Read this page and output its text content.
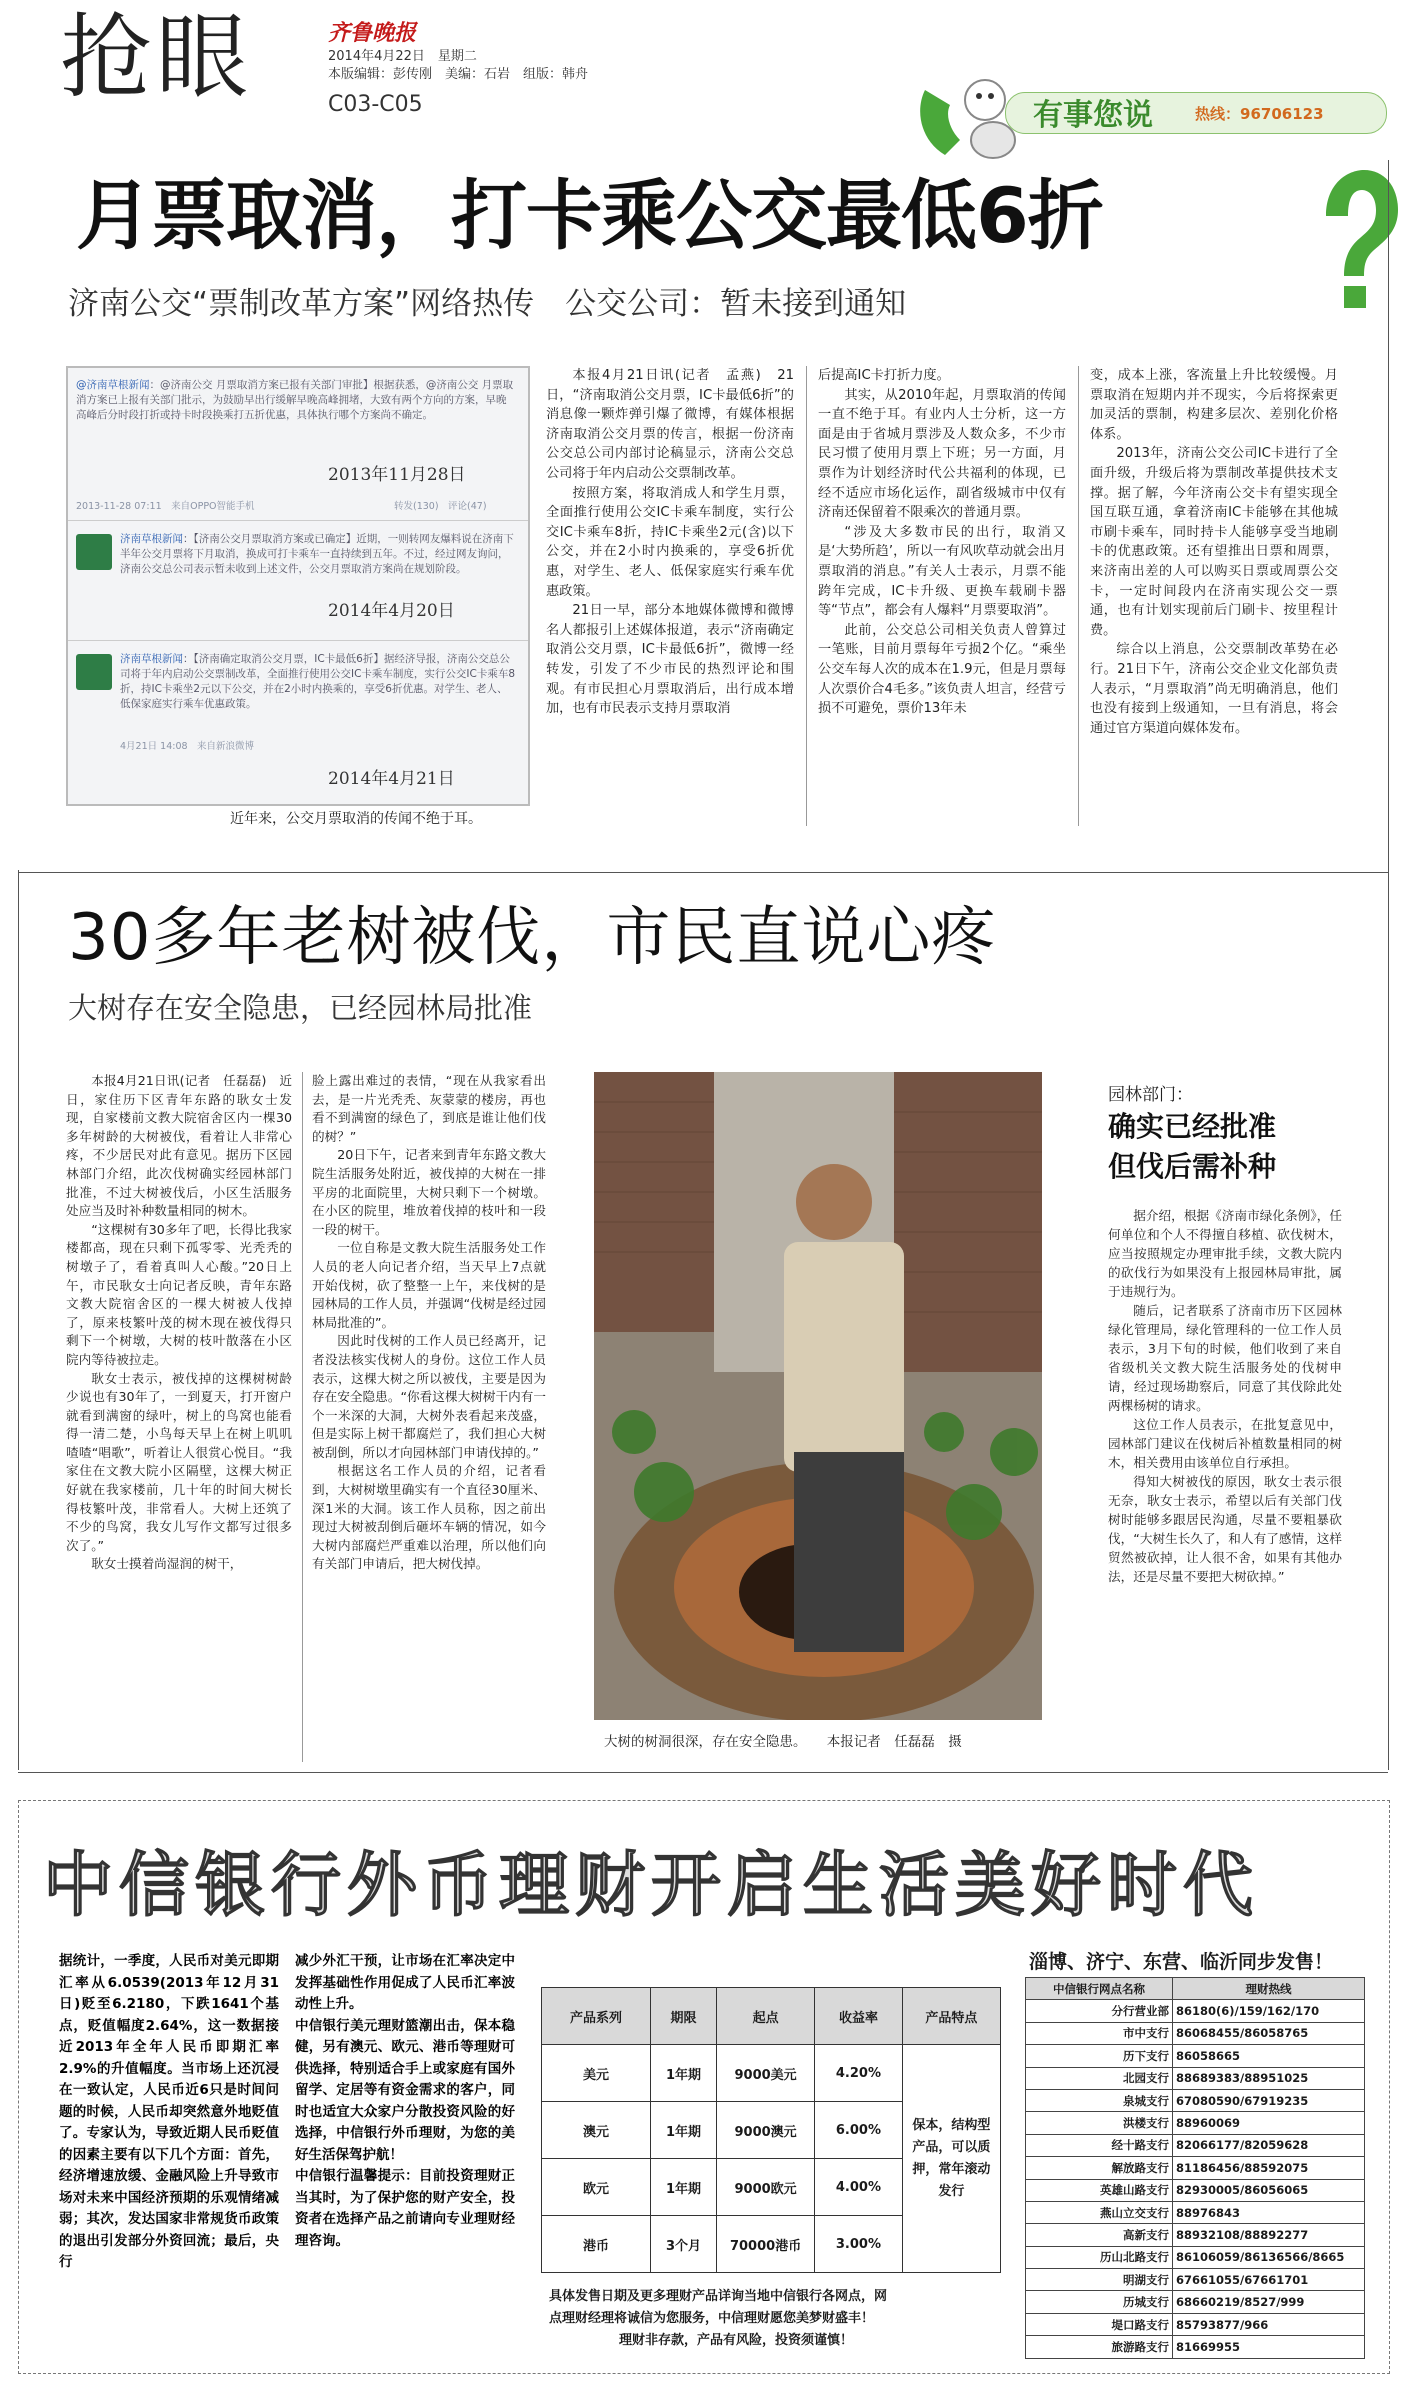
抢眼	齐鲁晚报
2014年4月22日　星期二
本版编辑：彭传刚　美编：石岩　组版：韩舟
C03-C05	有事您说	热线：96706123
月票取消，打卡乘公交最低6折
济南公交“票制改革方案”网络热传　公交公司：暂未接到通知
@济南草根新闻：@济南公交 月票取消方案已报有关部门审批】根据获悉，@济南公交 月票取消方案已上报有关部门批示，为鼓励早出行缓解早晚高峰拥堵，大致有两个方向的方案，早晚高峰后分时段打折或持卡时段换乘打五折优惠，具体执行哪个方案尚不确定。
2013年11月28日
2013-11-28 07:11　来自OPPO智能手机	转发(130)　评论(47)
济南草根新闻：【济南公交月票取消方案或已确定】近期，一则转网友爆料说在济南下半年公交月票将下月取消，换成可打卡乘车一直持续到五年。不过，经过网友询问，济南公交总公司表示暂未收到上述文件，公交月票取消方案尚在规划阶段。
2014年4月20日
济南草根新闻：【济南确定取消公交月票，IC卡最低6折】据经济导报，济南公交总公司将于年内启动公交票制改革，全面推行使用公交IC卡乘车制度，实行公交IC卡乘车8折，持IC卡乘坐2元以下公交，并在2小时内换乘的，享受6折优惠。对学生、老人、低保家庭实行乘车优惠政策。
4月21日 14:08　来自新浪微博
2014年4月21日
近年来，公交月票取消的传闻不绝于耳。

本报4月21日讯(记者　孟燕)　21日，“济南取消公交月票，IC卡最低6折”的消息像一颗炸弹引爆了微博，有媒体根据济南取消公交月票的传言，根据一份济南公交总公司内部讨论稿显示，济南公交总公司将于年内启动公交票制改革。

按照方案，将取消成人和学生月票，全面推行使用公交IC卡乘车制度，实行公交IC卡乘车8折，持IC卡乘坐2元(含)以下公交，并在2小时内换乘的，享受6折优惠，对学生、老人、低保家庭实行乘车优惠政策。

21日一早，部分本地媒体微博和微博名人都报引上述媒体报道，表示“济南确定取消公交月票，IC卡最低6折”，微博一经转发，引发了不少市民的热烈评论和围观。有市民担心月票取消后，出行成本增加，也有市民表示支持月票取消

后提高IC卡打折力度。

其实，从2010年起，月票取消的传闻一直不绝于耳。有业内人士分析，这一方面是由于省城月票涉及人数众多，不少市民习惯了使用月票上下班；另一方面，月票作为计划经济时代公共福利的体现，已经不适应市场化运作，副省级城市中仅有济南还保留着不限乘次的普通月票。

“涉及大多数市民的出行，取消又是‘大势所趋’，所以一有风吹草动就会出月票取消的消息。”有关人士表示，月票不能跨年完成，IC卡升级、更换车载刷卡器等“节点”，都会有人爆料“月票要取消”。

此前，公交总公司相关负责人曾算过一笔账，目前月票每年亏损2个亿。“乘坐公交车每人次的成本在1.9元，但是月票每人次票价合4毛多。”该负责人坦言，经营亏损不可避免，票价13年未

变，成本上涨，客流量上升比较缓慢。月票取消在短期内并不现实，今后将探索更加灵活的票制，构建多层次、差别化价格体系。

2013年，济南公交公司IC卡进行了全面升级，升级后将为票制改革提供技术支撑。据了解，今年济南公交卡有望实现全国互联互通，拿着济南IC卡能够在其他城市刷卡乘车，同时持卡人能够享受当地刷卡的优惠政策。还有望推出日票和周票，来济南出差的人可以购买日票或周票公交卡，一定时间段内在济南实现公交一票通，也有计划实现前后门刷卡、按里程计费。

综合以上消息，公交票制改革势在必行。21日下午，济南公交企业文化部负责人表示，“月票取消”尚无明确消息，他们也没有接到上级通知，一旦有消息，将会通过官方渠道向媒体发布。

30多年老树被伐，市民直说心疼
大树存在安全隐患，已经园林局批准

本报4月21日讯(记者　任磊磊)　近日，家住历下区青年东路的耿女士发现，自家楼前文教大院宿舍区内一棵30多年树龄的大树被伐，看着让人非常心疼，不少居民对此有意见。据历下区园林部门介绍，此次伐树确实经园林部门批准，不过大树被伐后，小区生活服务处应当及时补种数量相同的树木。

“这棵树有30多年了吧，长得比我家楼都高，现在只剩下孤零零、光秃秃的树墩子了，看着真叫人心酸。”20日上午，市民耿女士向记者反映，青年东路文教大院宿舍区的一棵大树被人伐掉了，原来枝繁叶茂的树木现在被伐得只剩下一个树墩，大树的枝叶散落在小区院内等待被拉走。

耿女士表示，被伐掉的这棵树树龄少说也有30年了，一到夏天，打开窗户就看到满窗的绿叶，树上的鸟窝也能看得一清二楚，小鸟每天早上在树上叽叽喳喳“唱歌”，听着让人很赏心悦目。“我家住在文教大院小区隔壁，这棵大树正好就在我家楼前，几十年的时间大树长得枝繁叶茂，非常看人。大树上还筑了不少的鸟窝，我女儿写作文都写过很多次了。”

耿女士摸着尚湿润的树干，

脸上露出难过的表情，“现在从我家看出去，是一片光秃秃、灰蒙蒙的楼房，再也看不到满窗的绿色了，到底是谁让他们伐的树？”

20日下午，记者来到青年东路文教大院生活服务处附近，被伐掉的大树在一排平房的北面院里，大树只剩下一个树墩。在小区的院里，堆放着伐掉的枝叶和一段一段的树干。

一位自称是文教大院生活服务处工作人员的老人向记者介绍，当天早上7点就开始伐树，砍了整整一上午，来伐树的是园林局的工作人员，并强调“伐树是经过园林局批准的”。

因此时伐树的工作人员已经离开，记者没法核实伐树人的身份。这位工作人员表示，这棵大树之所以被伐，主要是因为存在安全隐患。“你看这棵大树树干内有一个一米深的大洞，大树外表看起来茂盛，但是实际上树干都腐烂了，我们担心大树被刮倒，所以才向园林部门申请伐掉的。”

根据这名工作人员的介绍，记者看到，大树树墩里确实有一个直径30厘米、深1米的大洞。该工作人员称，因之前出现过大树被刮倒后砸坏车辆的情况，如今大树内部腐烂严重难以治理，所以他们向有关部门申请后，把大树伐掉。

大树的树洞很深，存在安全隐患。　　本报记者　任磊磊　摄
园林部门：
确实已经批准
但伐后需补种

据介绍，根据《济南市绿化条例》，任何单位和个人不得擅自移植、砍伐树木，应当按照规定办理审批手续，文教大院内的砍伐行为如果没有上报园林局审批，属于违规行为。

随后，记者联系了济南市历下区园林绿化管理局，绿化管理科的一位工作人员表示，3月下旬的时候，他们收到了来自省级机关文教大院生活服务处的伐树申请，经过现场勘察后，同意了其伐除此处两棵杨树的请求。

这位工作人员表示，在批复意见中，园林部门建议在伐树后补植数量相同的树木，相关费用由该单位自行承担。

得知大树被伐的原因，耿女士表示很无奈，耿女士表示，希望以后有关部门伐树时能够多跟居民沟通，尽量不要粗暴砍伐，“大树生长久了，和人有了感情，这样贸然被砍掉，让人很不舍，如果有其他办法，还是尽量不要把大树砍掉。”

中信银行外币理财开启生活美好时代
据统计，一季度，人民币对美元即期汇率从6.0539(2013年12月31日)贬至6.2180，下跌1641个基点，贬值幅度2.64%，这一数据接近2013年全年人民币即期汇率2.9%的升值幅度。当市场上还沉浸在一致认定，人民币近6只是时间问题的时候，人民币却突然意外地贬值了。专家认为，导致近期人民币贬值的因素主要有以下几个方面：首先，经济增速放缓、金融风险上升导致市场对未来中国经济预期的乐观情绪减弱；其次，发达国家非常规货币政策的退出引发部分外资回流；最后，央行
减少外汇干预，让市场在汇率决定中发挥基础性作用促成了人民币汇率波动性上升。
中信银行美元理财篮潮出击，保本稳健，另有澳元、欧元、港币等理财可供选择，特别适合手上或家庭有国外留学、定居等有资金需求的客户，同时也适宜大众家户分散投资风险的好选择，中信银行外币理财，为您的美好生活保驾护航！
中信银行温馨提示：目前投资理财正当其时，为了保护您的财产安全，投资者在选择产品之前请向专业理财经理咨询。
产品系列	期限	起点	收益率	产品特点
美元	1年期	9000美元	4.20%	保本，结构型产品，可以质押，常年滚动发行
澳元	1年期	9000澳元	6.00%	
欧元	1年期	9000欧元	4.00%	
港币	3个月	70000港币	3.00%	
具体发售日期及更多理财产品详询当地中信银行各网点，网
点理财经理将诚信为您服务，中信理财愿您美梦财盛丰！
理财非存款，产品有风险，投资须谨慎！
淄博、济宁、东营、临沂同步发售！
中信银行网点名称	理财热线
分行营业部	86180(6)/159/162/170
市中支行	86068455/86058765
历下支行	86058665
北园支行	88689383/88951025
泉城支行	67080590/67919235
洪楼支行	88960069
经十路支行	82066177/82059628
解放路支行	81186456/88592075
英雄山路支行	82930005/86056065
燕山立交支行	88976843
高新支行	88932108/88892277
历山北路支行	86106059/86136566/8665
明湖支行	67661055/67661701
历城支行	68660219/8527/999
堤口路支行	85793877/966
旅游路支行	81669955
